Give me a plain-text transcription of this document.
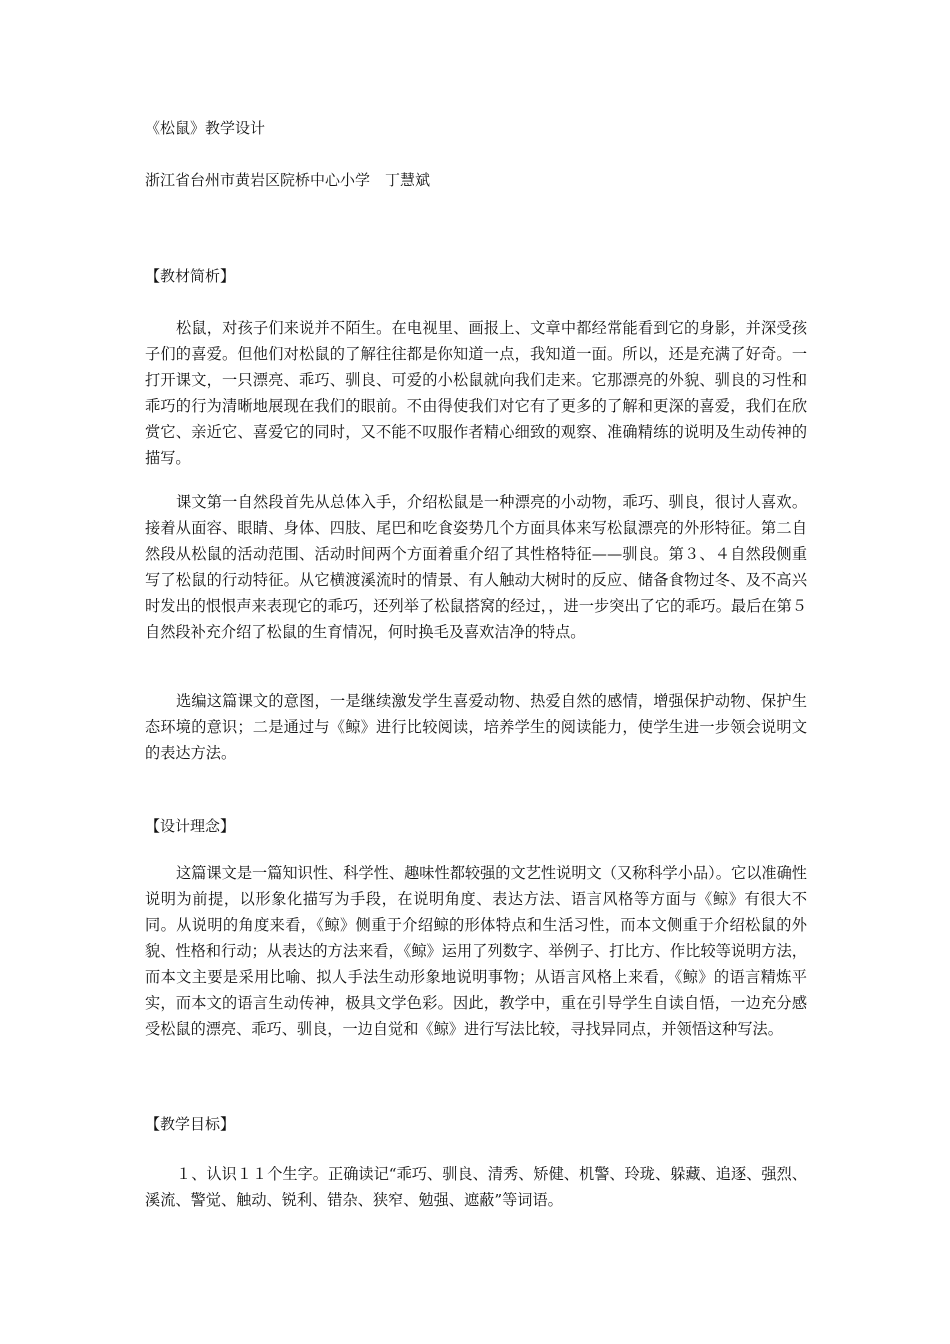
《松鼠》教学设计
浙江省台州市黄岩区院桥中心小学　丁慧斌
【教材简析】

松鼠，对孩子们来说并不陌生。在电视里、画报上、文章中都经常能看到它的身影，并深受孩子们的喜爱。但他们对松鼠的了解往往都是你知道一点，我知道一面。所以，还是充满了好奇。一打开课文，一只漂亮、乖巧、驯良、可爱的小松鼠就向我们走来。它那漂亮的外貌、驯良的习性和乖巧的行为清晰地展现在我们的眼前。不由得使我们对它有了更多的了解和更深的喜爱，我们在欣赏它、亲近它、喜爱它的同时，又不能不叹服作者精心细致的观察、准确精练的说明及生动传神的描写。

课文第一自然段首先从总体入手，介绍松鼠是一种漂亮的小动物，乖巧、驯良，很讨人喜欢。接着从面容、眼睛、身体、四肢、尾巴和吃食姿势几个方面具体来写松鼠漂亮的外形特征。第二自然段从松鼠的活动范围、活动时间两个方面着重介绍了其性格特征——驯良。第３、４自然段侧重写了松鼠的行动特征。从它横渡溪流时的情景、有人触动大树时的反应、储备食物过冬、及不高兴时发出的恨恨声来表现它的乖巧，还列举了松鼠搭窝的经过，，进一步突出了它的乖巧。最后在第５自然段补充介绍了松鼠的生育情况，何时换毛及喜欢洁净的特点。

选编这篇课文的意图，一是继续激发学生喜爱动物、热爱自然的感情，增强保护动物、保护生态环境的意识；二是通过与《鲸》进行比较阅读，培养学生的阅读能力，使学生进一步领会说明文的表达方法。

【设计理念】

这篇课文是一篇知识性、科学性、趣味性都较强的文艺性说明文（又称科学小品）。它以准确性说明为前提，以形象化描写为手段，在说明角度、表达方法、语言风格等方面与《鲸》有很大不同。从说明的角度来看，《鲸》侧重于介绍鲸的形体特点和生活习性，而本文侧重于介绍松鼠的外貌、性格和行动；从表达的方法来看，《鲸》运用了列数字、举例子、打比方、作比较等说明方法，而本文主要是采用比喻、拟人手法生动形象地说明事物；从语言风格上来看，《鲸》的语言精炼平实，而本文的语言生动传神，极具文学色彩。因此，教学中，重在引导学生自读自悟，一边充分感受松鼠的漂亮、乖巧、驯良，一边自觉和《鲸》进行写法比较，寻找异同点，并领悟这种写法。

【教学目标】

１、认识１１个生字。正确读记“乖巧、驯良、清秀、矫健、机警、玲珑、躲藏、追逐、强烈、溪流、警觉、触动、锐利、错杂、狭窄、勉强、遮蔽”等词语。
